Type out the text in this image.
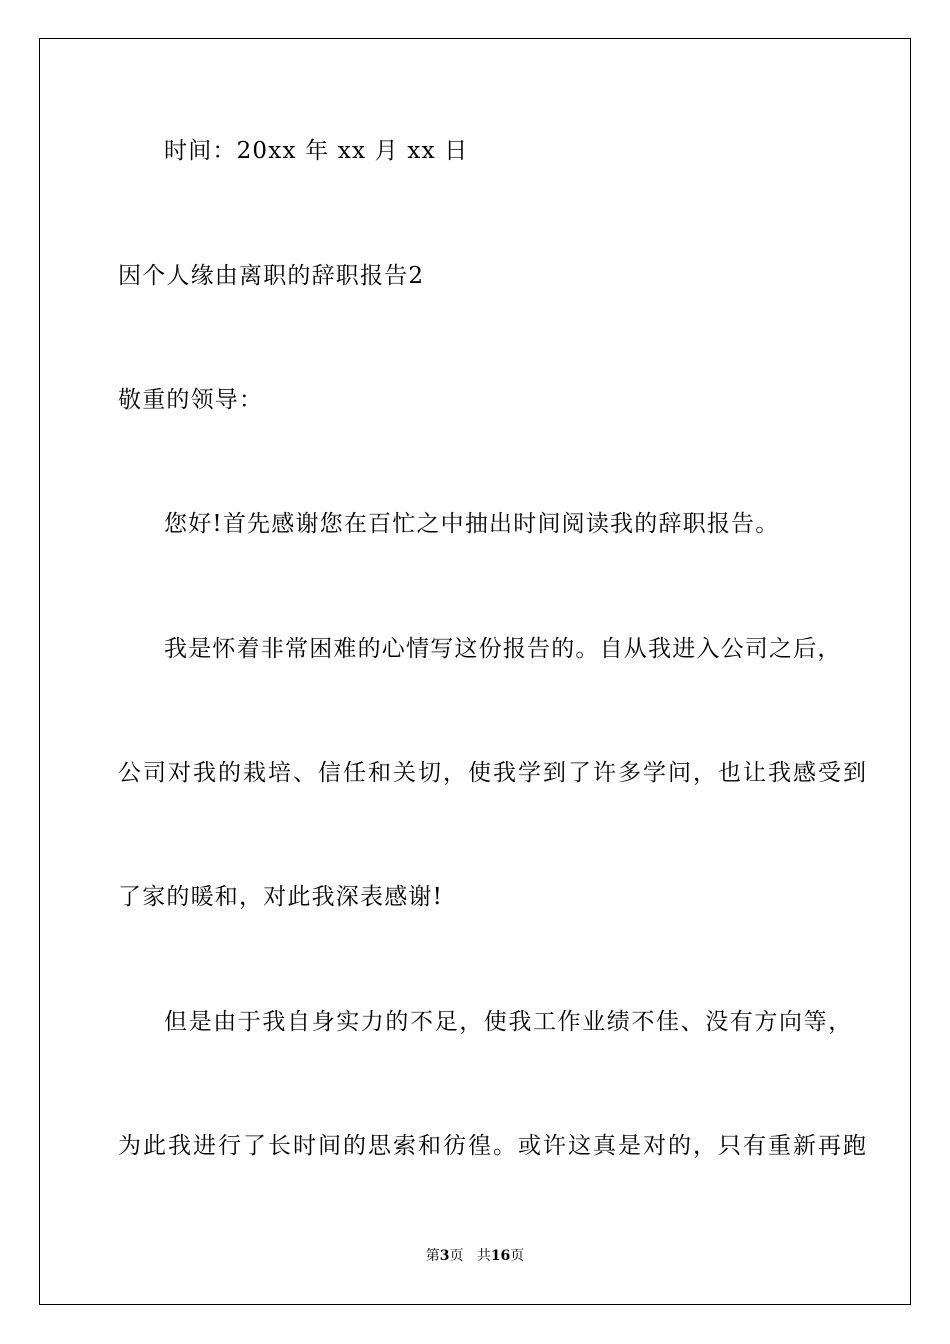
时间：20xx 年 xx 月 xx 日
因个人缘由离职的辞职报告2
敬重的领导：
您好!首先感谢您在百忙之中抽出时间阅读我的辞职报告。
我是怀着非常困难的心情写这份报告的。自从我进入公司之后，
公司对我的栽培、信任和关切，使我学到了许多学问，也让我感受到
了家的暖和，对此我深表感谢!
但是由于我自身实力的不足，使我工作业绩不佳、没有方向等，
为此我进行了长时间的思索和彷徨。或许这真是对的，只有重新再跑
第3页 共16页
